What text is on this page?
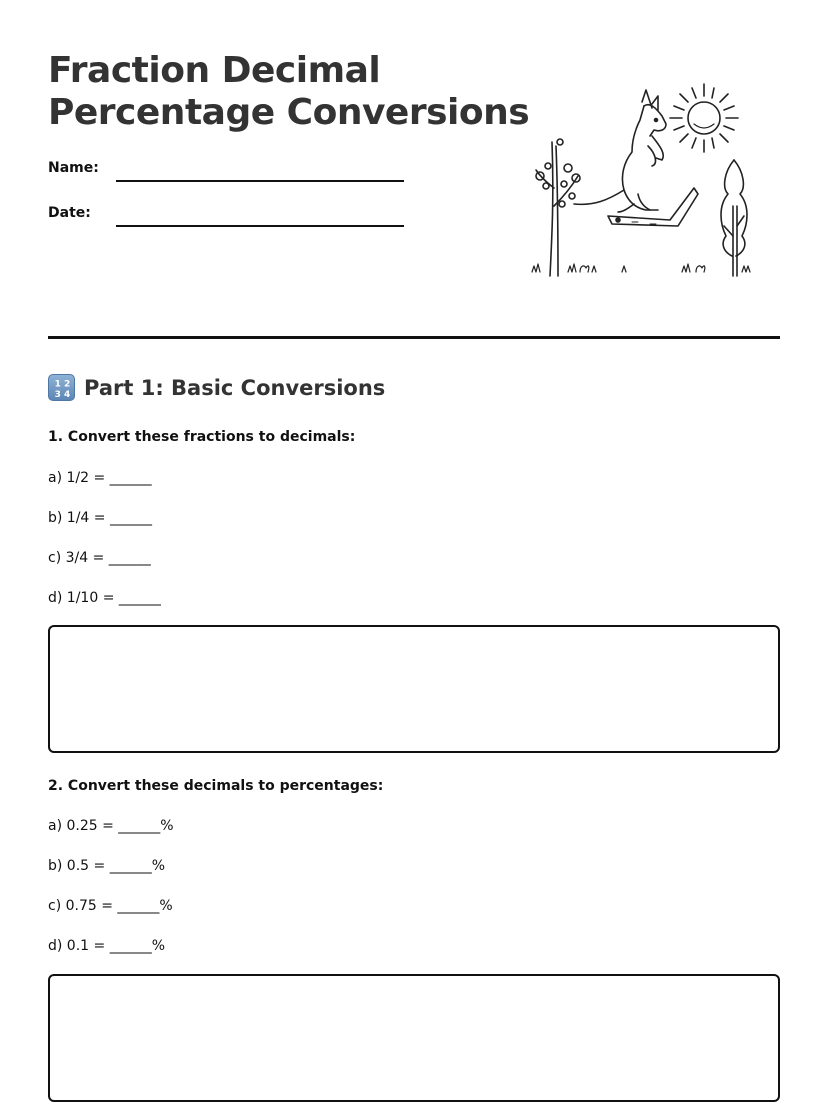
Fraction Decimal
Percentage Conversions
Name:
Date:
1 2
3 4 Part 1: Basic Conversions

1. Convert these fractions to decimals:

a) 1/2 = ______
b) 1/4 = ______
c) 3/4 = ______
d) 1/10 = ______

2. Convert these decimals to percentages:

a) 0.25 = ______%
b) 0.5 = ______%
c) 0.75 = ______%
d) 0.1 = ______%
